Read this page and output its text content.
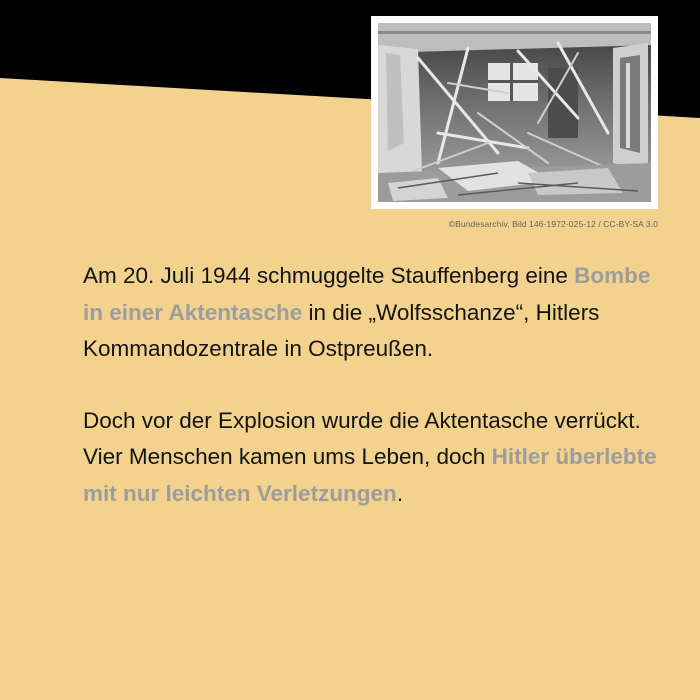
©Bundesarchiv, Bild 146-1972-025-12 / CC-BY-SA 3.0

Am 20. Juli 1944 schmuggelte Stauffenberg eine Bombe in einer Aktentasche in die „Wolfsschanze“, Hitlers Kommandozentrale in Ostpreußen.

Doch vor der Explosion wurde die Aktentasche verrückt. Vier Menschen kamen ums Leben, doch Hitler überlebte mit nur leichten Verletzungen.
